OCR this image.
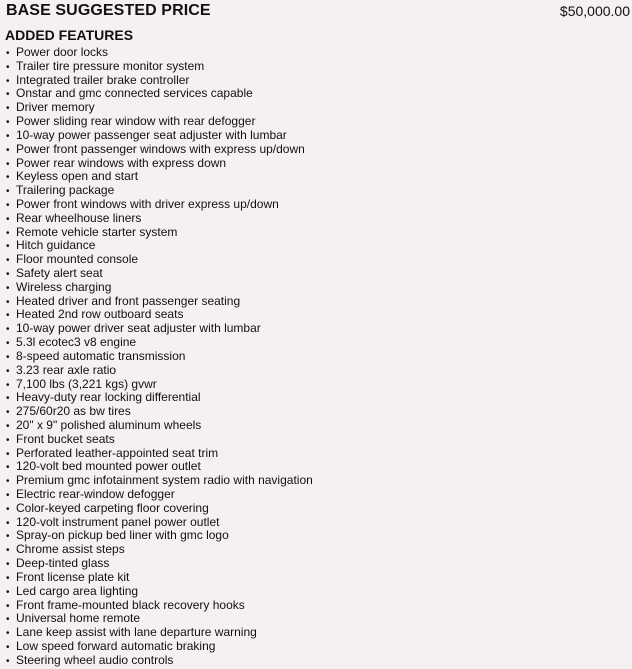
BASE SUGGESTED PRICE	$50,000.00
ADDED FEATURES
• Power door locks
• Trailer tire pressure monitor system
• Integrated trailer brake controller
• Onstar and gmc connected services capable
• Driver memory
• Power sliding rear window with rear defogger
• 10-way power passenger seat adjuster with lumbar
• Power front passenger windows with express up/down
• Power rear windows with express down
• Keyless open and start
• Trailering package
• Power front windows with driver express up/down
• Rear wheelhouse liners
• Remote vehicle starter system
• Hitch guidance
• Floor mounted console
• Safety alert seat
• Wireless charging
• Heated driver and front passenger seating
• Heated 2nd row outboard seats
• 10-way power driver seat adjuster with lumbar
• 5.3l ecotec3 v8 engine
• 8-speed automatic transmission
• 3.23 rear axle ratio
• 7,100 lbs (3,221 kgs) gvwr
• Heavy-duty rear locking differential
• 275/60r20 as bw tires
• 20" x 9" polished aluminum wheels
• Front bucket seats
• Perforated leather-appointed seat trim
• 120-volt bed mounted power outlet
• Premium gmc infotainment system radio with navigation
• Electric rear-window defogger
• Color-keyed carpeting floor covering
• 120-volt instrument panel power outlet
• Spray-on pickup bed liner with gmc logo
• Chrome assist steps
• Deep-tinted glass
• Front license plate kit
• Led cargo area lighting
• Front frame-mounted black recovery hooks
• Universal home remote
• Lane keep assist with lane departure warning
• Low speed forward automatic braking
• Steering wheel audio controls
